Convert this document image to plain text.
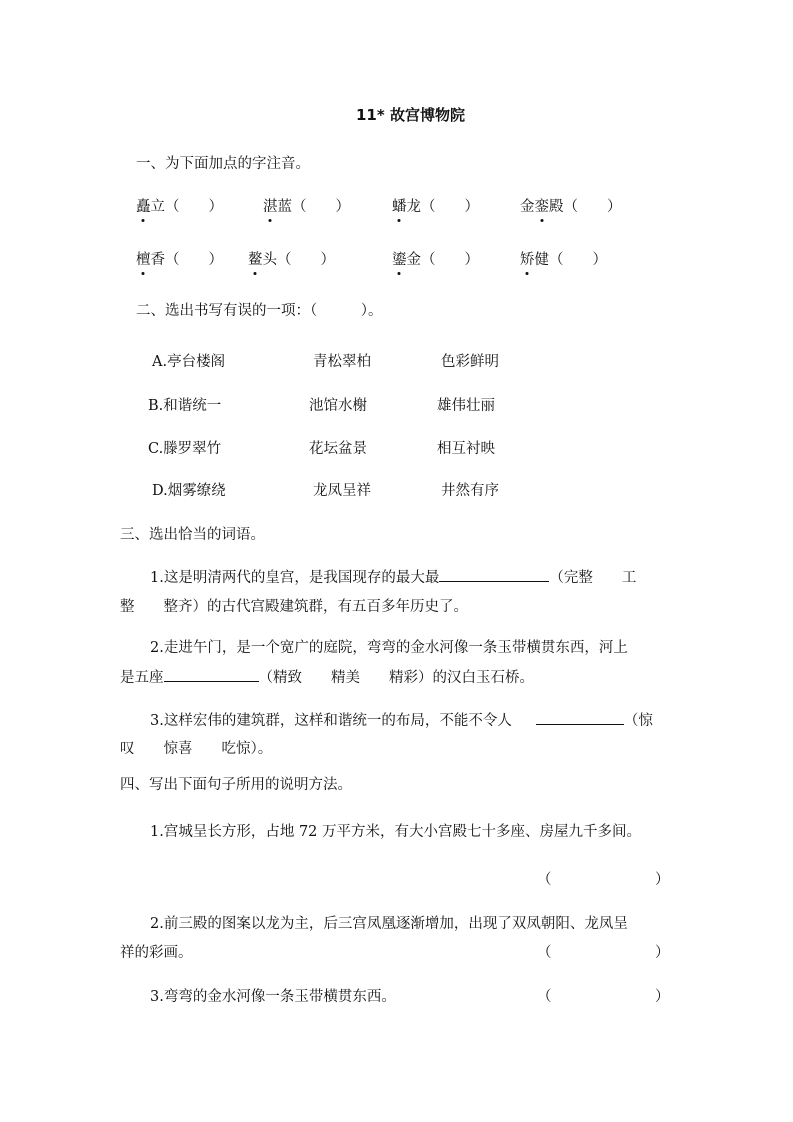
11* 故宫博物院
一、为下面加点的字注音。
矗立（　　）	湛蓝（　　）	蟠龙（　　）	金銮殿（　　）
檀香（　　） 鳌头（　　）	鎏金（　　）	矫健（　　）
二、选出书写有误的一项：（　　　）。
A.亭台楼阁	青松翠柏	色彩鲜明
B.和谐统一	池馆水榭	雄伟壮丽
C.滕罗翠竹	花坛盆景	相互衬映
D.烟雾缭绕	龙凤呈祥	井然有序
三、选出恰当的词语。
1.这是明清两代的皇宫，是我国现存的最大最	（完整　　工
整　　整齐）的古代宫殿建筑群，有五百多年历史了。
2.走进午门，是一个宽广的庭院，弯弯的金水河像一条玉带横贯东西，河上
是五座	（精致　　精美　　精彩）的汉白玉石桥。
3.这样宏伟的建筑群，这样和谐统一的布局，不能不令人	（惊
叹　　惊喜　　吃惊）。
四、写出下面句子所用的说明方法。
1.宫城呈长方形，占地 72 万平方米，有大小宫殿七十多座、房屋九千多间。
（	）
2.前三殿的图案以龙为主，后三宫凤凰逐渐增加，出现了双凤朝阳、龙凤呈
祥的彩画。	（	）
3.弯弯的金水河像一条玉带横贯东西。	（	）
